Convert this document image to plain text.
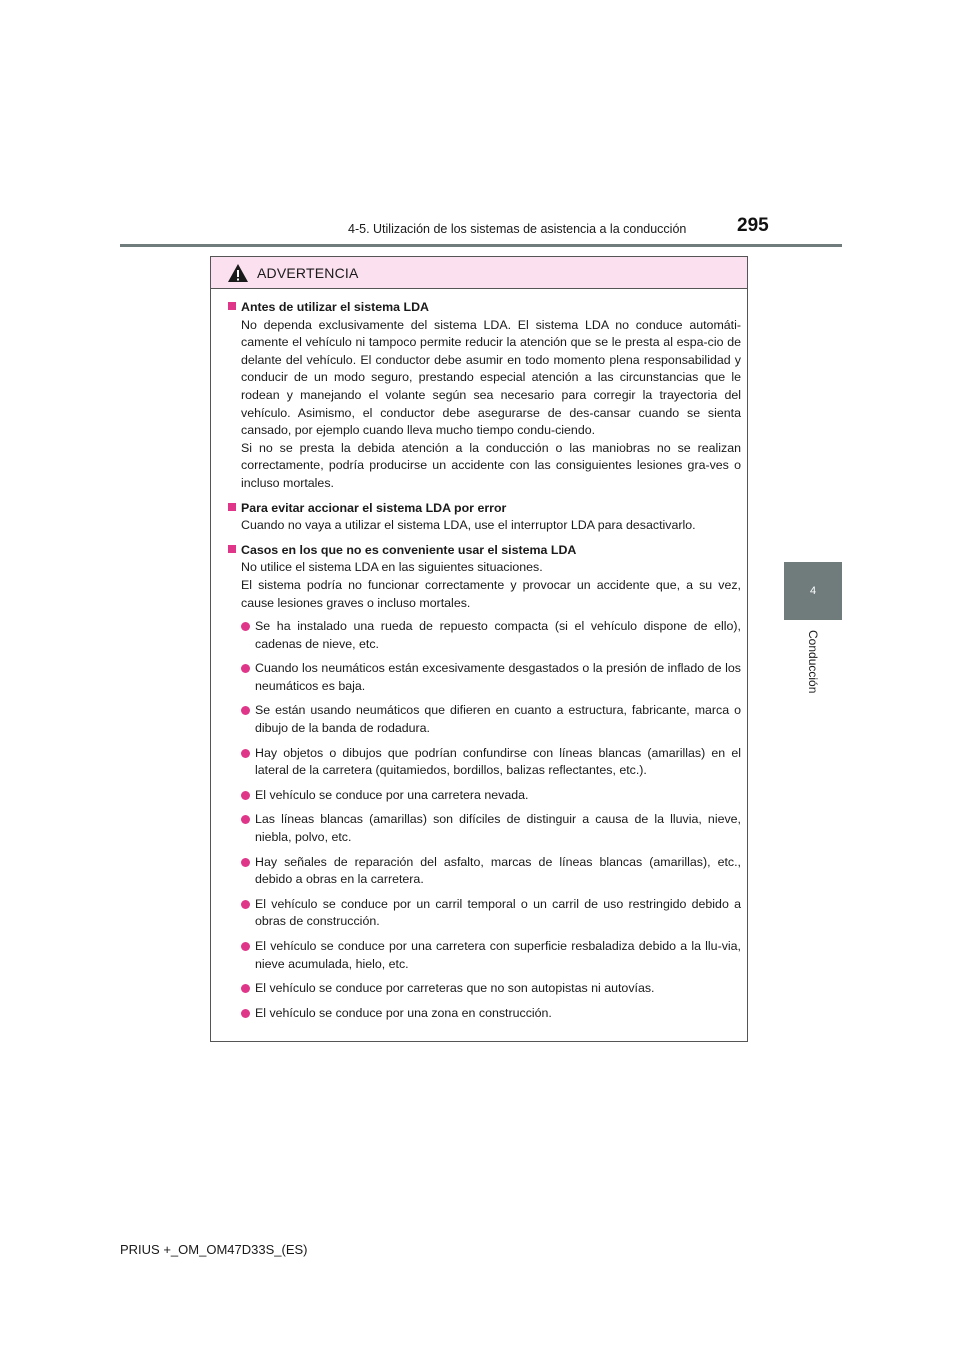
4-5. Utilización de los sistemas de asistencia a la conducción	295
4
Conducción
ADVERTENCIA
Antes de utilizar el sistema LDA
No dependa exclusivamente del sistema LDA. El sistema LDA no conduce automáti-camente el vehículo ni tampoco permite reducir la atención que se le presta al espa-cio de delante del vehículo. El conductor debe asumir en todo momento plena responsabilidad y conducir de un modo seguro, prestando especial atención a las circunstancias que le rodean y manejando el volante según sea necesario para corregir la trayectoria del vehículo. Asimismo, el conductor debe asegurarse de des-cansar cuando se sienta cansado, por ejemplo cuando lleva mucho tiempo condu-ciendo.
Si no se presta la debida atención a la conducción o las maniobras no se realizan correctamente, podría producirse un accidente con las consiguientes lesiones gra-ves o incluso mortales.
Para evitar accionar el sistema LDA por error
Cuando no vaya a utilizar el sistema LDA, use el interruptor LDA para desactivarlo.
Casos en los que no es conveniente usar el sistema LDA
No utilice el sistema LDA en las siguientes situaciones.
El sistema podría no funcionar correctamente y provocar un accidente que, a su vez, cause lesiones graves o incluso mortales.
Se ha instalado una rueda de repuesto compacta (si el vehículo dispone de ello), cadenas de nieve, etc.
Cuando los neumáticos están excesivamente desgastados o la presión de inflado de los neumáticos es baja.
Se están usando neumáticos que difieren en cuanto a estructura, fabricante, marca o dibujo de la banda de rodadura.
Hay objetos o dibujos que podrían confundirse con líneas blancas (amarillas) en el lateral de la carretera (quitamiedos, bordillos, balizas reflectantes, etc.).
El vehículo se conduce por una carretera nevada.
Las líneas blancas (amarillas) son difíciles de distinguir a causa de la lluvia, nieve, niebla, polvo, etc.
Hay señales de reparación del asfalto, marcas de líneas blancas (amarillas), etc., debido a obras en la carretera.
El vehículo se conduce por un carril temporal o un carril de uso restringido debido a obras de construcción.
El vehículo se conduce por una carretera con superficie resbaladiza debido a la llu-via, nieve acumulada, hielo, etc.
El vehículo se conduce por carreteras que no son autopistas ni autovías.
El vehículo se conduce por una zona en construcción.
PRIUS +_OM_OM47D33S_(ES)
